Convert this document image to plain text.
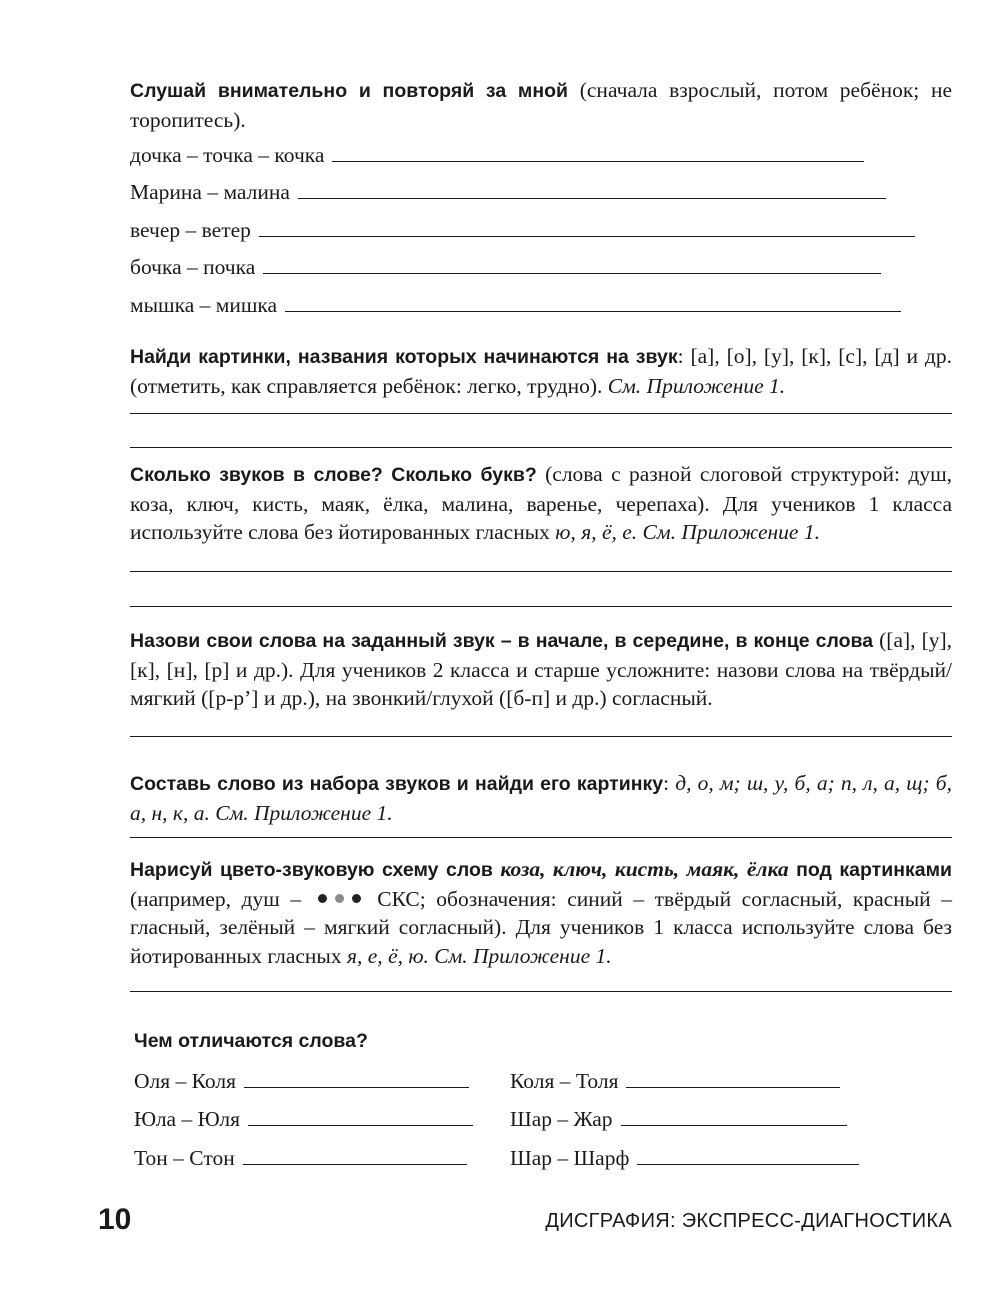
Слушай внимательно и повторяй за мной (сначала взрослый, потом ребёнок; не торопитесь).
дочка – точка – кочка
Марина – малина
вечер – ветер
бочка – почка
мышка – мишка
Найди картинки, названия которых начинаются на звук: [а], [о], [у], [к], [с], [д] и др. (отметить, как справляется ребёнок: легко, трудно). См. Приложение 1.
Сколько звуков в слове? Сколько букв? (слова с разной слоговой структурой: душ, коза, ключ, кисть, маяк, ёлка, малина, варенье, черепаха). Для учеников 1 класса используйте слова без йотированных гласных ю, я, ё, е. См. Приложение 1.
Назови свои слова на заданный звук – в начале, в середине, в конце слова ([а], [у], [к], [н], [р] и др.). Для учеников 2 класса и старше усложните: назови слова на твёрдый/мягкий ([р-р’] и др.), на звонкий/глухой ([б-п] и др.) согласный.
Составь слово из набора звуков и найди его картинку: д, о, м; ш, у, б, а; п, л, а, щ; б, а, н, к, а. См. Приложение 1.
Нарисуй цвето-звуковую схему слов коза, ключ, кисть, маяк, ёлка под картинками (например, душ –	СКС; обозначения: синий – твёрдый согласный, красный – гласный, зелёный – мягкий согласный). Для учеников 1 класса используйте слова без йотированных гласных я, е, ё, ю. См. Приложение 1.
Чем отличаются слова?
Оля – Коля
Юла – Юля
Тон – Стон
Коля – Толя
Шар – Жар
Шар – Шарф
10	ДИСГРАФИЯ: ЭКСПРЕСС-ДИАГНОСТИКА
